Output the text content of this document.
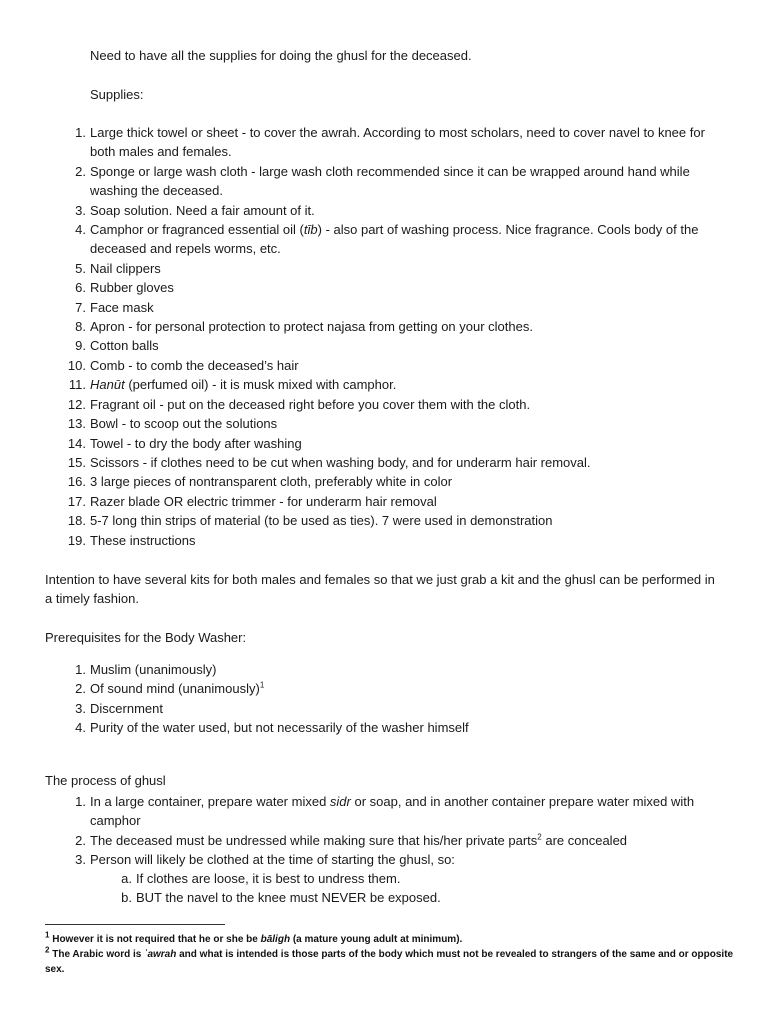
Need to have all the supplies for doing the ghusl for the deceased.
Supplies:
1. Large thick towel or sheet - to cover the awrah. According to most scholars, need to cover navel to knee for both males and females.
2. Sponge or large wash cloth - large wash cloth recommended since it can be wrapped around hand while washing the deceased.
3. Soap solution. Need a fair amount of it.
4. Camphor or fragranced essential oil (tīb) - also part of washing process. Nice fragrance. Cools body of the deceased and repels worms, etc.
5. Nail clippers
6. Rubber gloves
7. Face mask
8. Apron - for personal protection to protect najasa from getting on your clothes.
9. Cotton balls
10. Comb - to comb the deceased’s hair
11. Hanūt (perfumed oil) - it is musk mixed with camphor.
12. Fragrant oil - put on the deceased right before you cover them with the cloth.
13. Bowl - to scoop out the solutions
14. Towel - to dry the body after washing
15. Scissors - if clothes need to be cut when washing body, and for underarm hair removal.
16. 3 large pieces of nontransparent cloth, preferably white in color
17. Razer blade OR electric trimmer - for underarm hair removal
18. 5-7 long thin strips of material (to be used as ties). 7 were used in demonstration
19. These instructions
Intention to have several kits for both males and females so that we just grab a kit and the ghusl can be performed in a timely fashion.
Prerequisites for the Body Washer:
1. Muslim (unanimously)
2. Of sound mind (unanimously)$^1$
3. Discernment
4. Purity of the water used, but not necessarily of the washer himself
The process of ghusl
1. In a large container, prepare water mixed sidr or soap, and in another container prepare water mixed with camphor
2. The deceased must be undressed while making sure that his/her private parts$^2$ are concealed
3. Person will likely be clothed at the time of starting the ghusl, so:
a. If clothes are loose, it is best to undress them.
b. BUT the navel to the knee must NEVER be exposed.
$^1$ However it is not required that he or she be bāligh (a mature young adult at minimum).
$^2$ The Arabic word is ʿawrah and what is intended is those parts of the body which must not be revealed to strangers of the same and or opposite sex.
